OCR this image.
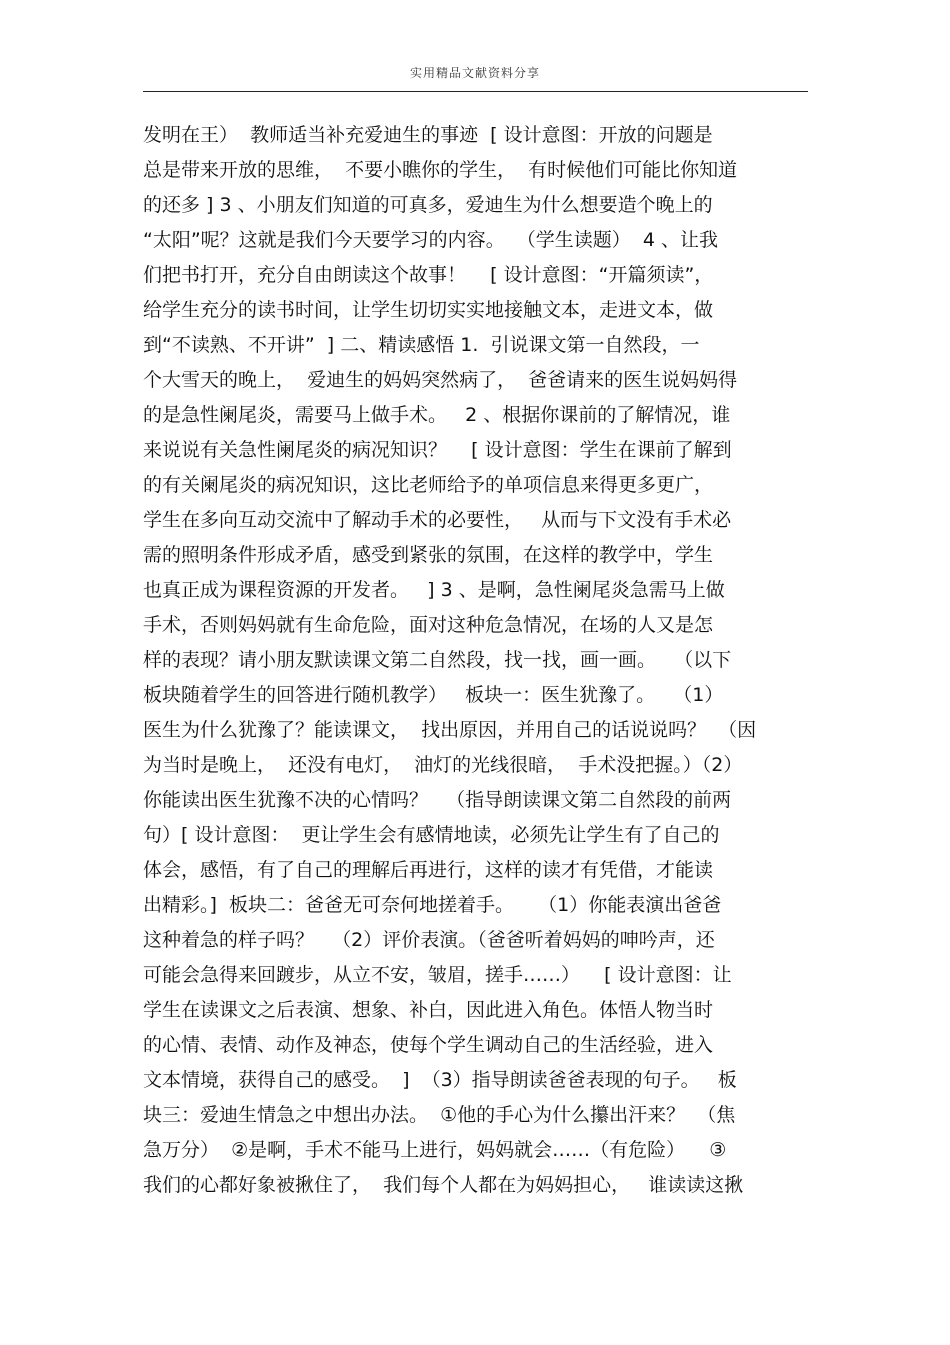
实用精品文献资料分享
发明在王）  教师适当补充爱迪生的事迹  [ 设计意图：开放的问题是
总是带来开放的思维，  不要小瞧你的学生，  有时候他们可能比你知道
的还多 ] 3 、小朋友们知道的可真多，爱迪生为什么想要造个晚上的
“太阳”呢？这就是我们今天要学习的内容。  （学生读题）  4 、让我
们把书打开，充分自由朗读这个故事！    [ 设计意图：“开篇须读”，
给学生充分的读书时间，让学生切切实实地接触文本，走进文本，做
到“不读熟、不开讲”  ] 二、精读感悟 1.  引说课文第一自然段，一
个大雪天的晚上，  爱迪生的妈妈突然病了，  爸爸请来的医生说妈妈得
的是急性阑尾炎，需要马上做手术。   2 、根据你课前的了解情况，谁
来说说有关急性阑尾炎的病况知识？    [ 设计意图：学生在课前了解到
的有关阑尾炎的病况知识，这比老师给予的单项信息来得更多更广，
学生在多向互动交流中了解动手术的必要性，   从而与下文没有手术必
需的照明条件形成矛盾，感受到紧张的氛围，在这样的教学中，学生
也真正成为课程资源的开发者。   ] 3 、是啊，急性阑尾炎急需马上做
手术，否则妈妈就有生命危险，面对这种危急情况，在场的人又是怎
样的表现？请小朋友默读课文第二自然段，找一找，画一画。   （以下
板块随着学生的回答进行随机教学）   板块一：医生犹豫了。   （1）
医生为什么犹豫了？能读课文，  找出原因，并用自己的话说说吗？  （因
为当时是晚上，  还没有电灯，  油灯的光线很暗，  手术没把握。）（2）
你能读出医生犹豫不决的心情吗？   （指导朗读课文第二自然段的前两
句）[ 设计意图：  更让学生会有感情地读，必须先让学生有了自己的
体会，感悟，有了自己的理解后再进行，这样的读才有凭借，才能读
出精彩。]  板块二：爸爸无可奈何地搓着手。    （1）你能表演出爸爸
这种着急的样子吗？   （2）评价表演。（爸爸听着妈妈的呻吟声，还
可能会急得来回踱步，从立不安，皱眉，搓手……）    [ 设计意图：让
学生在读课文之后表演、想象、补白，因此进入角色。体悟人物当时
的心情、表情、动作及神态，使每个学生调动自己的生活经验，进入
文本情境，获得自己的感受。  ]  （3）指导朗读爸爸表现的句子。   板
块三：爱迪生情急之中想出办法。  ①他的手心为什么攥出汗来？  （焦
急万分）  ②是啊，手术不能马上进行，妈妈就会……（有危险）    ③
我们的心都好象被揪住了，  我们每个人都在为妈妈担心，   谁读读这揪
